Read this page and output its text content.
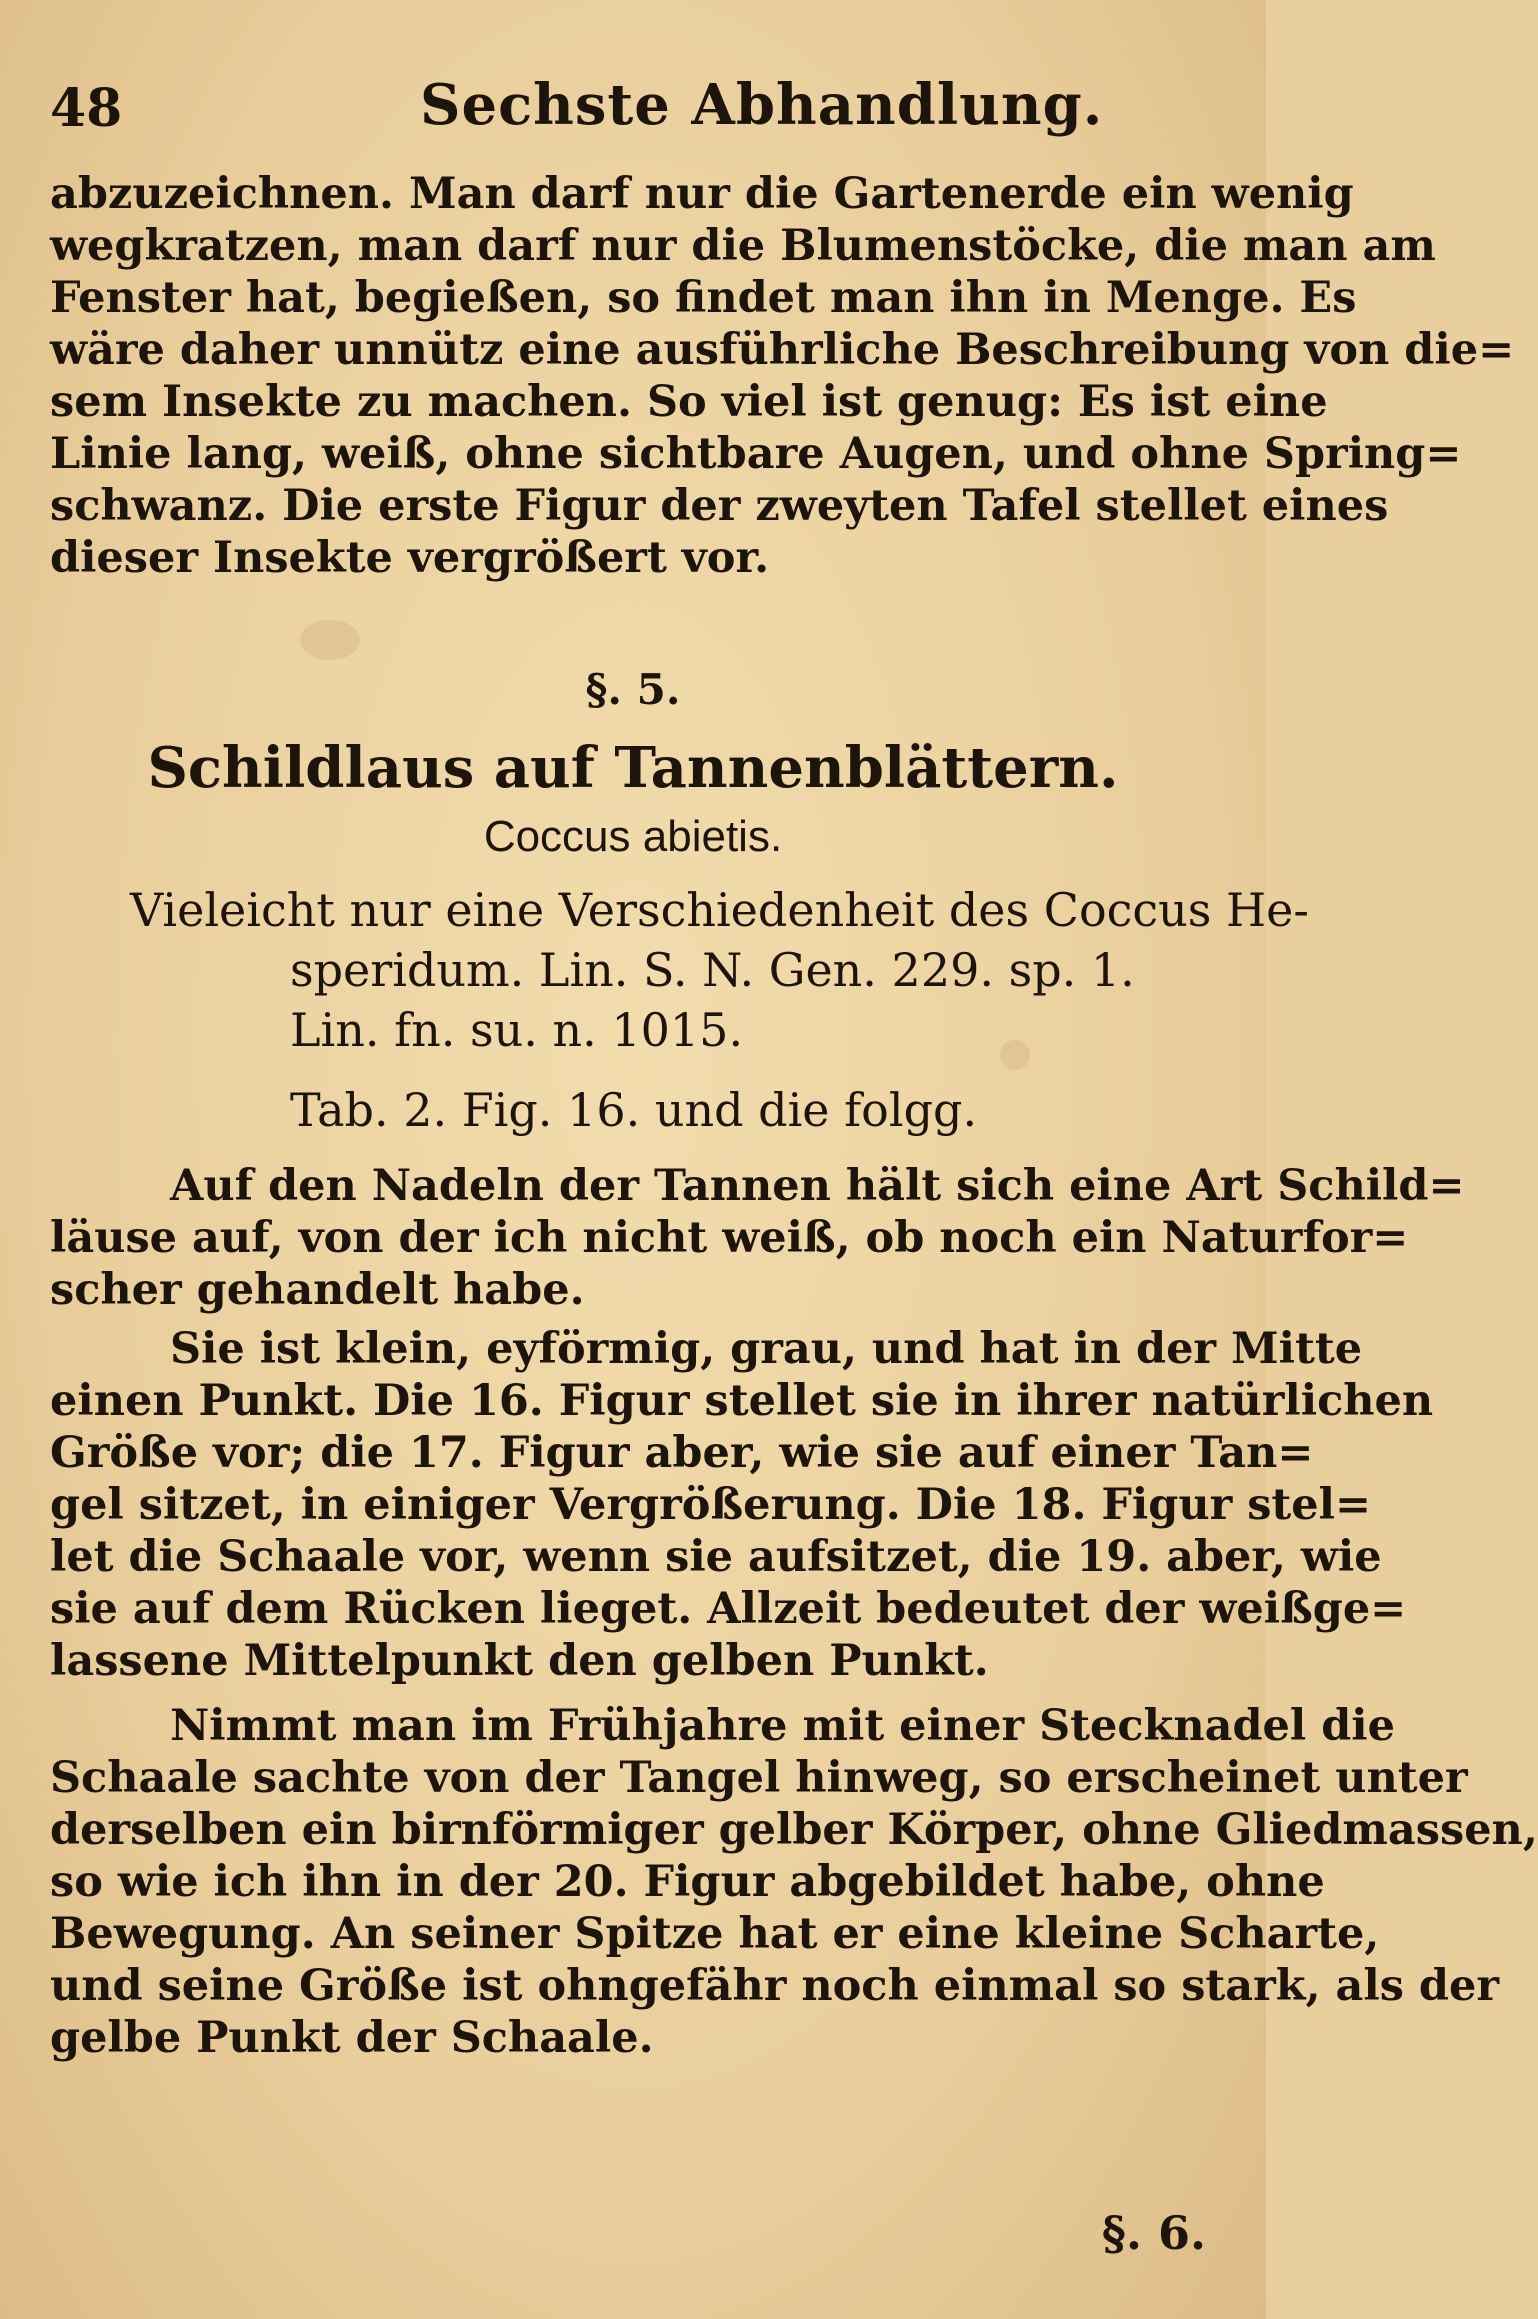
48	Sechste Abhandlung.
abzuzeichnen. Man darf nur die Gartenerde ein wenig
wegkratzen, man darf nur die Blumenstöcke, die man am
Fenster hat, begießen, so findet man ihn in Menge. Es
wäre daher unnütz eine ausführliche Beschreibung von die=
sem Insekte zu machen. So viel ist genug: Es ist eine
Linie lang, weiß, ohne sichtbare Augen, und ohne Spring=
schwanz. Die erste Figur der zweyten Tafel stellet eines
dieser Insekte vergrößert vor.
§. 5.
Schildlaus auf Tannenblättern.
Coccus abietis.
Vieleicht nur eine Verschiedenheit des Coccus He-
speridum. Lin. S. N. Gen. 229. sp. 1.
Lin. fn. su. n. 1015.
Tab. 2. Fig. 16. und die folgg.
Auf den Nadeln der Tannen hält sich eine Art Schild=
läuse auf, von der ich nicht weiß, ob noch ein Naturfor=
scher gehandelt habe.
Sie ist klein, eyförmig, grau, und hat in der Mitte
einen Punkt. Die 16. Figur stellet sie in ihrer natürlichen
Größe vor; die 17. Figur aber, wie sie auf einer Tan=
gel sitzet, in einiger Vergrößerung. Die 18. Figur stel=
let die Schaale vor, wenn sie aufsitzet, die 19. aber, wie
sie auf dem Rücken lieget. Allzeit bedeutet der weißge=
lassene Mittelpunkt den gelben Punkt.
Nimmt man im Frühjahre mit einer Stecknadel die
Schaale sachte von der Tangel hinweg, so erscheinet unter
derselben ein birnförmiger gelber Körper, ohne Gliedmassen,
so wie ich ihn in der 20. Figur abgebildet habe, ohne
Bewegung. An seiner Spitze hat er eine kleine Scharte,
und seine Größe ist ohngefähr noch einmal so stark, als der
gelbe Punkt der Schaale.
§. 6.
